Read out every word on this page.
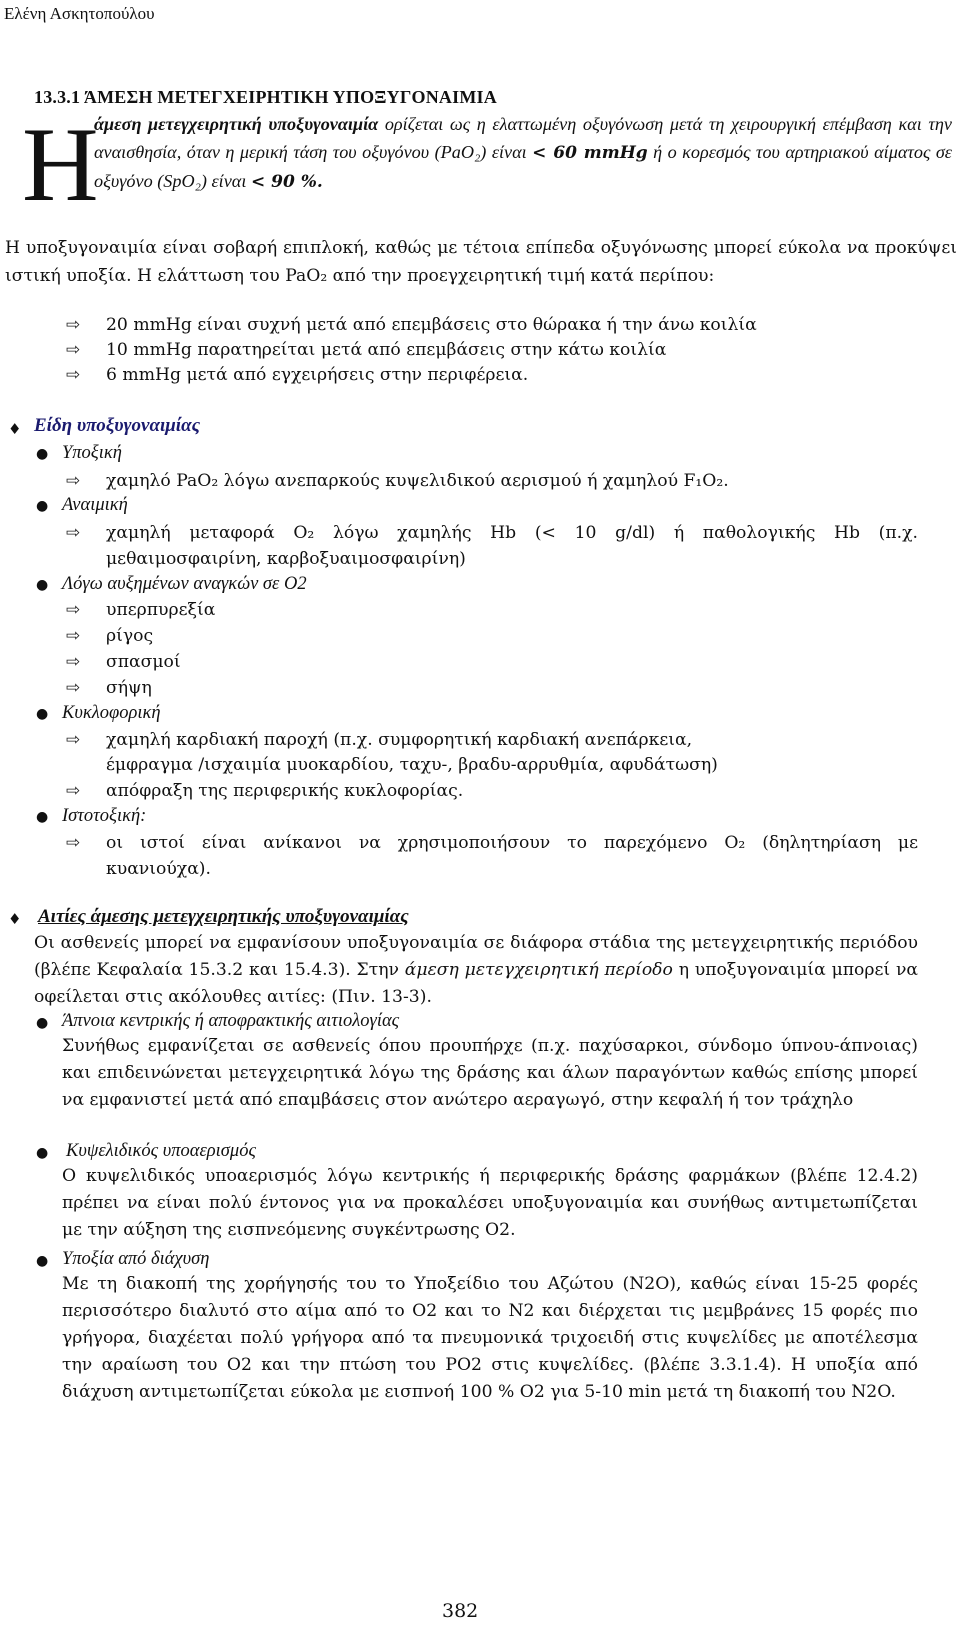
Ελένη Ασκητοπούλου
13.3.1 ΆΜΕΣΗ ΜΕΤΕΓΧΕΙΡΗΤΙΚΗ ΥΠΟΞΥΓΟΝΑΙΜΙΑ
Η
άμεση μετεγχειρητική υποξυγοναιμία ορίζεται ως η ελαττωμένη οξυγόνωση μετά τη χειρουργική επέμβαση και την αναισθησία, όταν η μερική τάση του οξυγόνου (PaO₂) είναι < 60 mmHg ή ο κορεσμός του αρτηριακού αίματος σε οξυγόνο (SpO₂) είναι < 90 %.
Η υποξυγοναιμία είναι σοβαρή επιπλοκή, καθώς με τέτοια επίπεδα οξυγόνωσης μπορεί εύκολα να προκύψει ιστική υποξία. Η ελάττωση του PaO₂ από την προεγχειρητική τιμή κατά περίπου:
⇨ 20 mmHg είναι συχνή μετά από επεμβάσεις στο θώρακα ή την άνω κοιλία
⇨ 10 mmHg παρατηρείται μετά από επεμβάσεις στην κάτω κοιλία
⇨ 6 mmHg μετά από εγχειρήσεις στην περιφέρεια.
♦ Είδη υποξυγοναιμίας
● Υποξική
⇨ χαμηλό PaO₂ λόγω ανεπαρκούς κυψελιδικού αερισμού ή χαμηλού F₁O₂.
● Αναιμική
⇨ χαμηλή μεταφορά O₂ λόγω χαμηλής Hb (< 10 g/dl) ή παθολογικής Hb (π.χ.
μεθαιμοσφαιρίνη, καρβοξυαιμοσφαιρίνη)
● Λόγω αυξημένων αναγκών σε O2
⇨ υπερπυρεξία
⇨ ρίγος
⇨ σπασμοί
⇨ σήψη
● Κυκλοφορική
⇨ χαμηλή καρδιακή παροχή (π.χ. συμφορητική καρδιακή ανεπάρκεια,
έμφραγμα /ισχαιμία μυοκαρδίου, ταχυ-, βραδυ-αρρυθμία, αφυδάτωση)
⇨ απόφραξη της περιφερικής κυκλοφορίας.
● Ιστοτοξική:
⇨ οι ιστοί είναι ανίκανοι να χρησιμοποιήσουν το παρεχόμενο O₂ (δηλητηρίαση με
κυανιούχα).
♦ Αιτίες άμεσης μετεγχειρητικής υποξυγοναιμίας
Οι ασθενείς μπορεί να εμφανίσουν υποξυγοναιμία σε διάφορα στάδια της μετεγχειρητικής περιόδου (βλέπε Κεφαλαία 15.3.2 και 15.4.3). Στην άμεση μετεγχειρητική περίοδο η υποξυγοναιμία μπορεί να οφείλεται στις ακόλουθες αιτίες: (Πιν. 13-3).
● Άπνοια κεντρικής ή αποφρακτικής αιτιολογίας
Συνήθως εμφανίζεται σε ασθενείς όπου προυπήρχε (π.χ. παχύσαρκοι, σύνδομο ύπνου-άπνοιας) και επιδεινώνεται μετεγχειρητικά λόγω της δράσης και άλων παραγόντων καθώς επίσης μπορεί να εμφανιστεί μετά από επαμβάσεις στον ανώτερο αεραγωγό, στην κεφαλή ή τον τράχηλο
● Κυψελιδικός υποαερισμός
Ο κυψελιδικός υποαερισμός λόγω κεντρικής ή περιφερικής δράσης φαρμάκων (βλέπε 12.4.2) πρέπει να είναι πολύ έντονος για να προκαλέσει υποξυγοναιμία και συνήθως αντιμετωπίζεται με την αύξηση της εισπνεόμενης συγκέντρωσης O2.
● Υποξία από διάχυση
Με τη διακοπή της χορήγησής του το Υποξείδιο του Αζώτου (N2O), καθώς είναι 15-25 φορές περισσότερο διαλυτό στο αίμα από το O2 και το N2 και διέρχεται τις μεμβράνες 15 φορές πιο γρήγορα, διαχέεται πολύ γρήγορα από τα πνευμονικά τριχοειδή στις κυψελίδες με αποτέλεσμα την αραίωση του O2 και την πτώση του PO2 στις κυψελίδες. (βλέπε 3.3.1.4). Η υποξία από διάχυση αντιμετωπίζεται εύκολα με εισπνοή 100 % O2 για 5-10 min μετά τη διακοπή του N2O.
382
